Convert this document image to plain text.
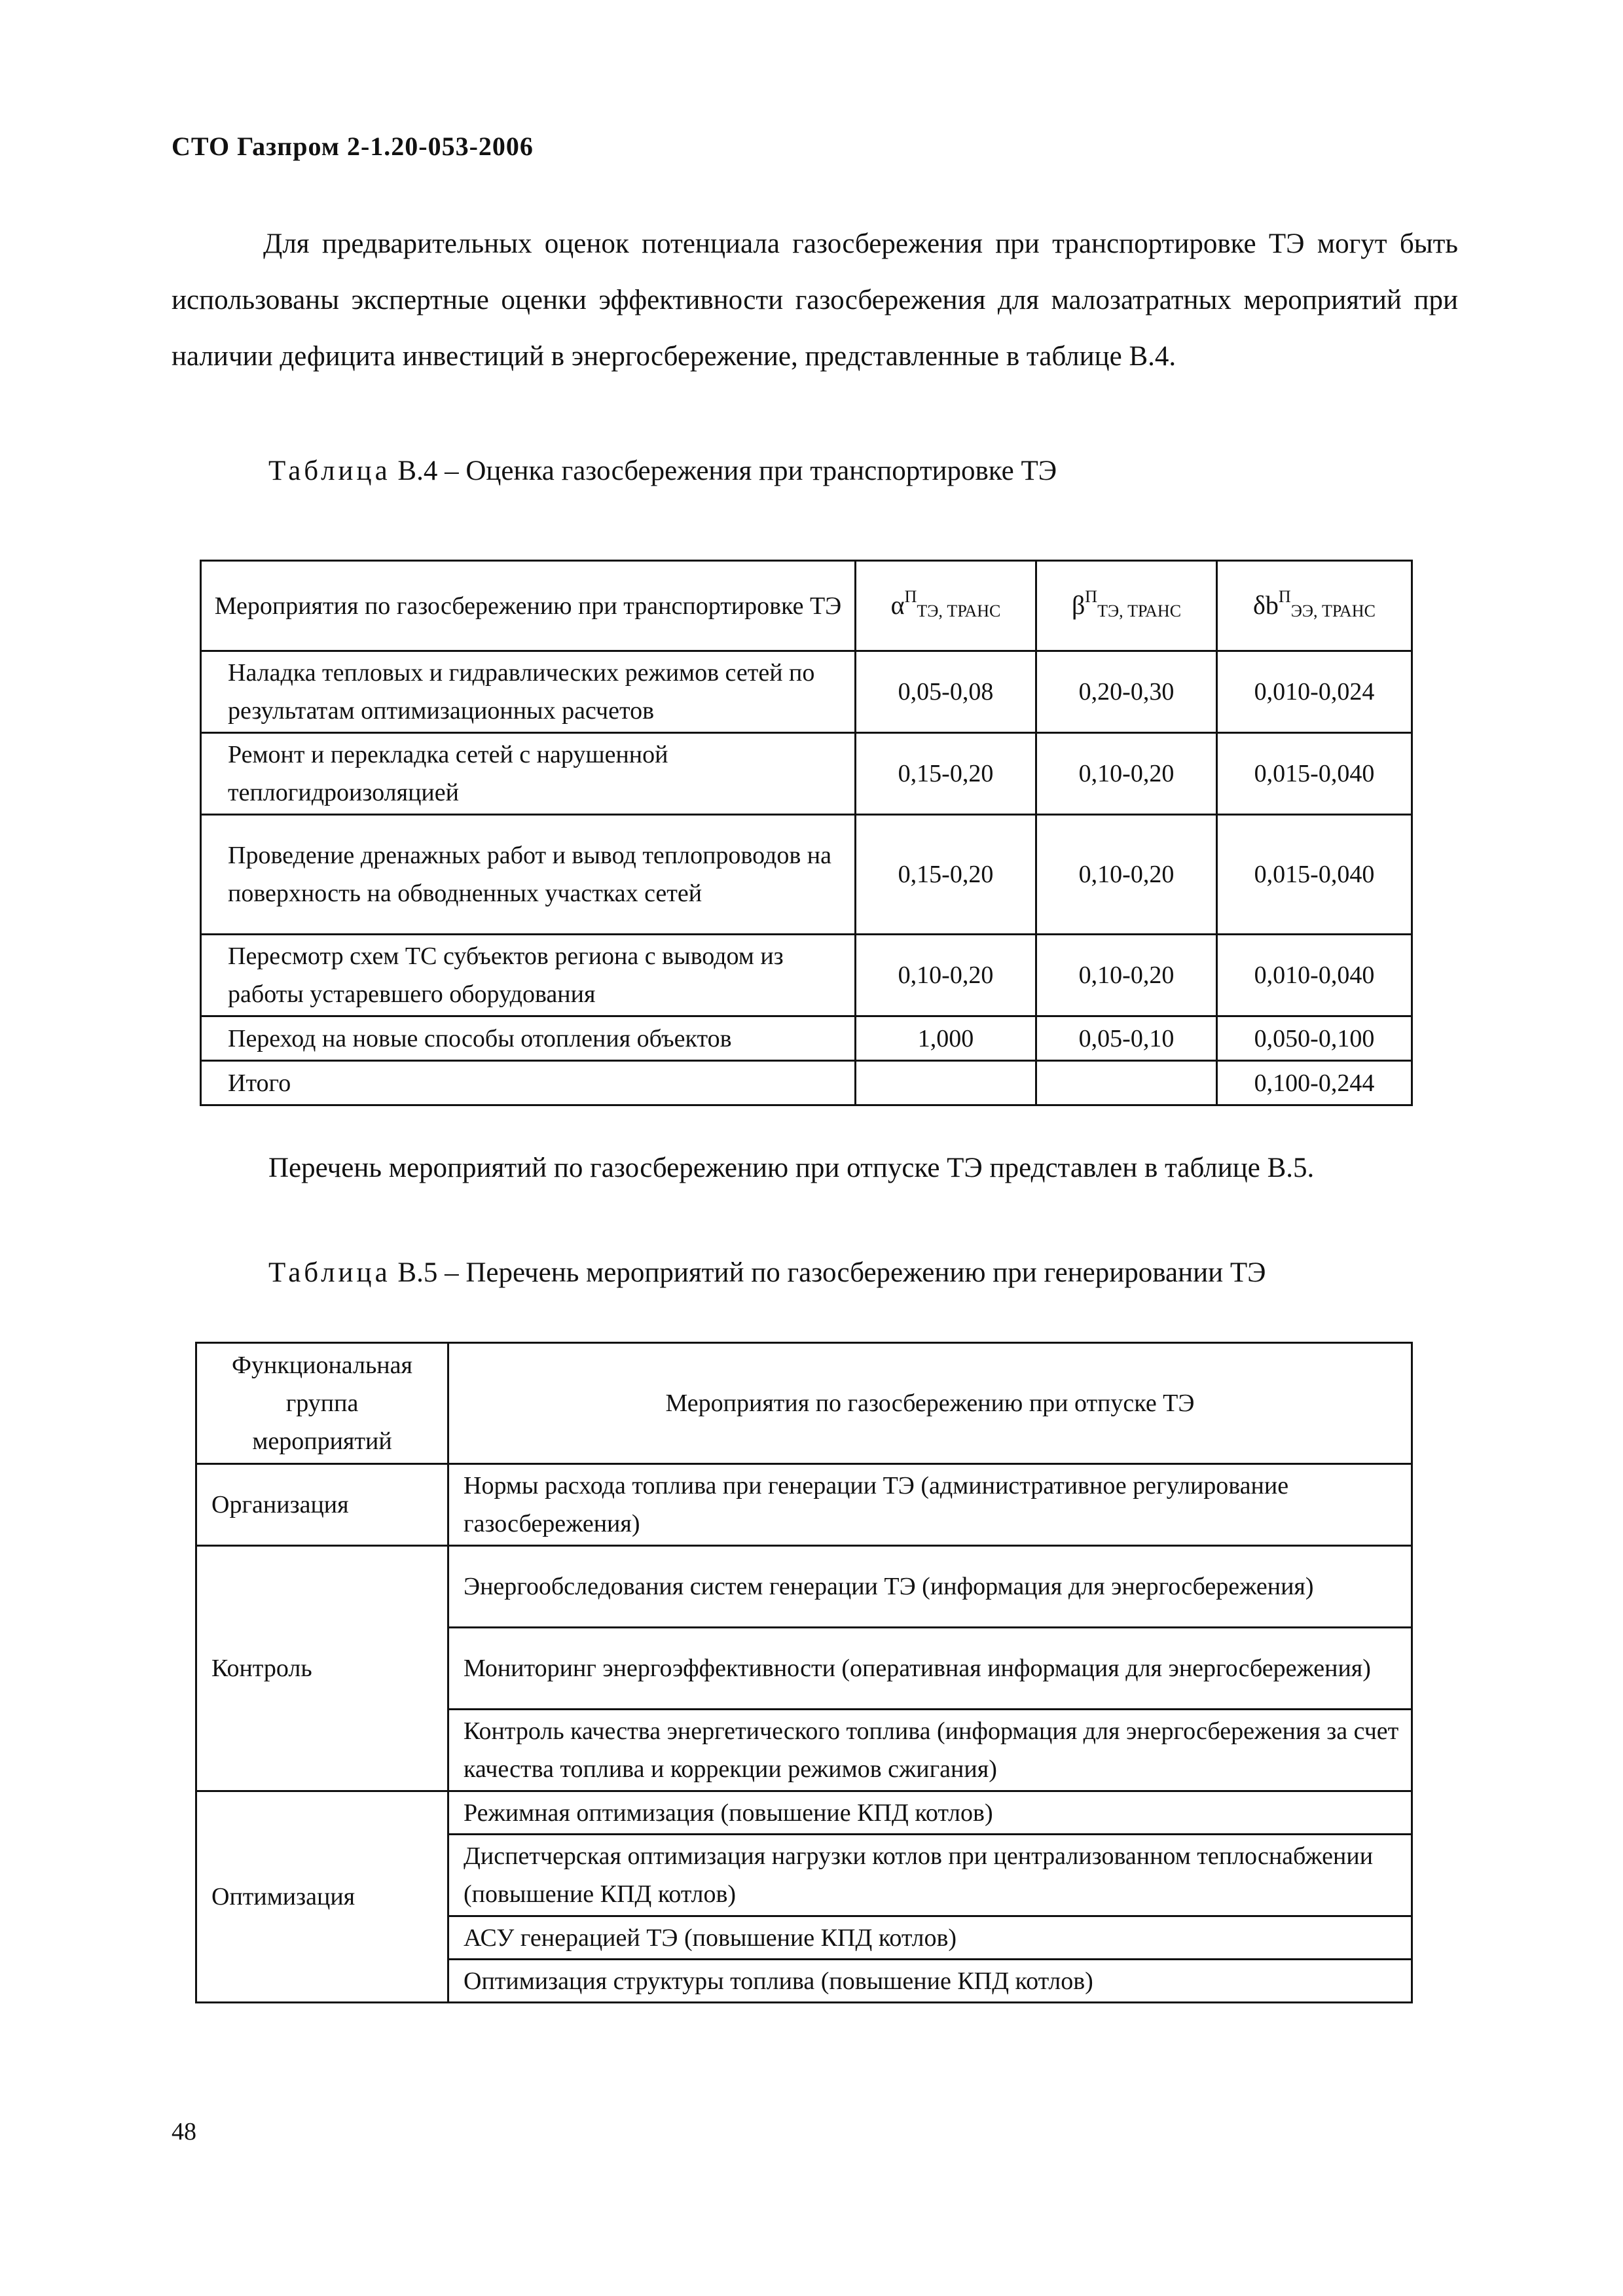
СТО Газпром 2-1.20-053-2006

Для предварительных оценок потенциала газосбережения при транспортировке ТЭ могут быть использованы экспертные оценки эффективности газосбережения для малозатратных мероприятий при наличии дефицита инвестиций в энергосбережение, представленные в таблице В.4.

Таблица В.4 – Оценка газосбережения при транспортировке ТЭ
Мероприятия по газосбережению при транспортировке ТЭ	$\alpha^П_{ТЭ, ТРАНС}$	$\beta^П_{ТЭ, ТРАНС}$	$\delta b^П_{ЭЭ, ТРАНС}$
Наладка тепловых и гидравлических режимов сетей по результатам оптимизационных расчетов	0,05-0,08	0,20-0,30	0,010-0,024
Ремонт и перекладка сетей с нарушенной теплогидроизоляцией	0,15-0,20	0,10-0,20	0,015-0,040
Проведение дренажных работ и вывод теплопроводов на поверхность на обводненных участках сетей	0,15-0,20	0,10-0,20	0,015-0,040
Пересмотр схем ТС субъектов региона с выводом из работы устаревшего оборудования	0,10-0,20	0,10-0,20	0,010-0,040
Переход на новые способы отопления объектов	1,000	0,05-0,10	0,050-0,100
Итого			0,100-0,244
Перечень мероприятий по газосбережению при отпуске ТЭ представлен в таблице В.5.
Таблица В.5 – Перечень мероприятий по газосбережению при генерировании ТЭ
Функциональная группа мероприятий	Мероприятия по газосбережению при отпуске ТЭ
Организация	Нормы расхода топлива при генерации ТЭ (административное регулирование газосбережения)
Контроль	Энергообследования систем генерации ТЭ (информация для энергосбережения)
	Мониторинг энергоэффективности (оперативная информация для энергосбережения)
	Контроль качества энергетического топлива (информация для энергосбережения за счет качества топлива и коррекции режимов сжигания)
Оптимизация	Режимная оптимизация (повышение КПД котлов)
	Диспетчерская оптимизация нагрузки котлов при централизованном теплоснабжении (повышение КПД котлов)
	АСУ генерацией ТЭ (повышение КПД котлов)
	Оптимизация структуры топлива (повышение КПД котлов)
48
